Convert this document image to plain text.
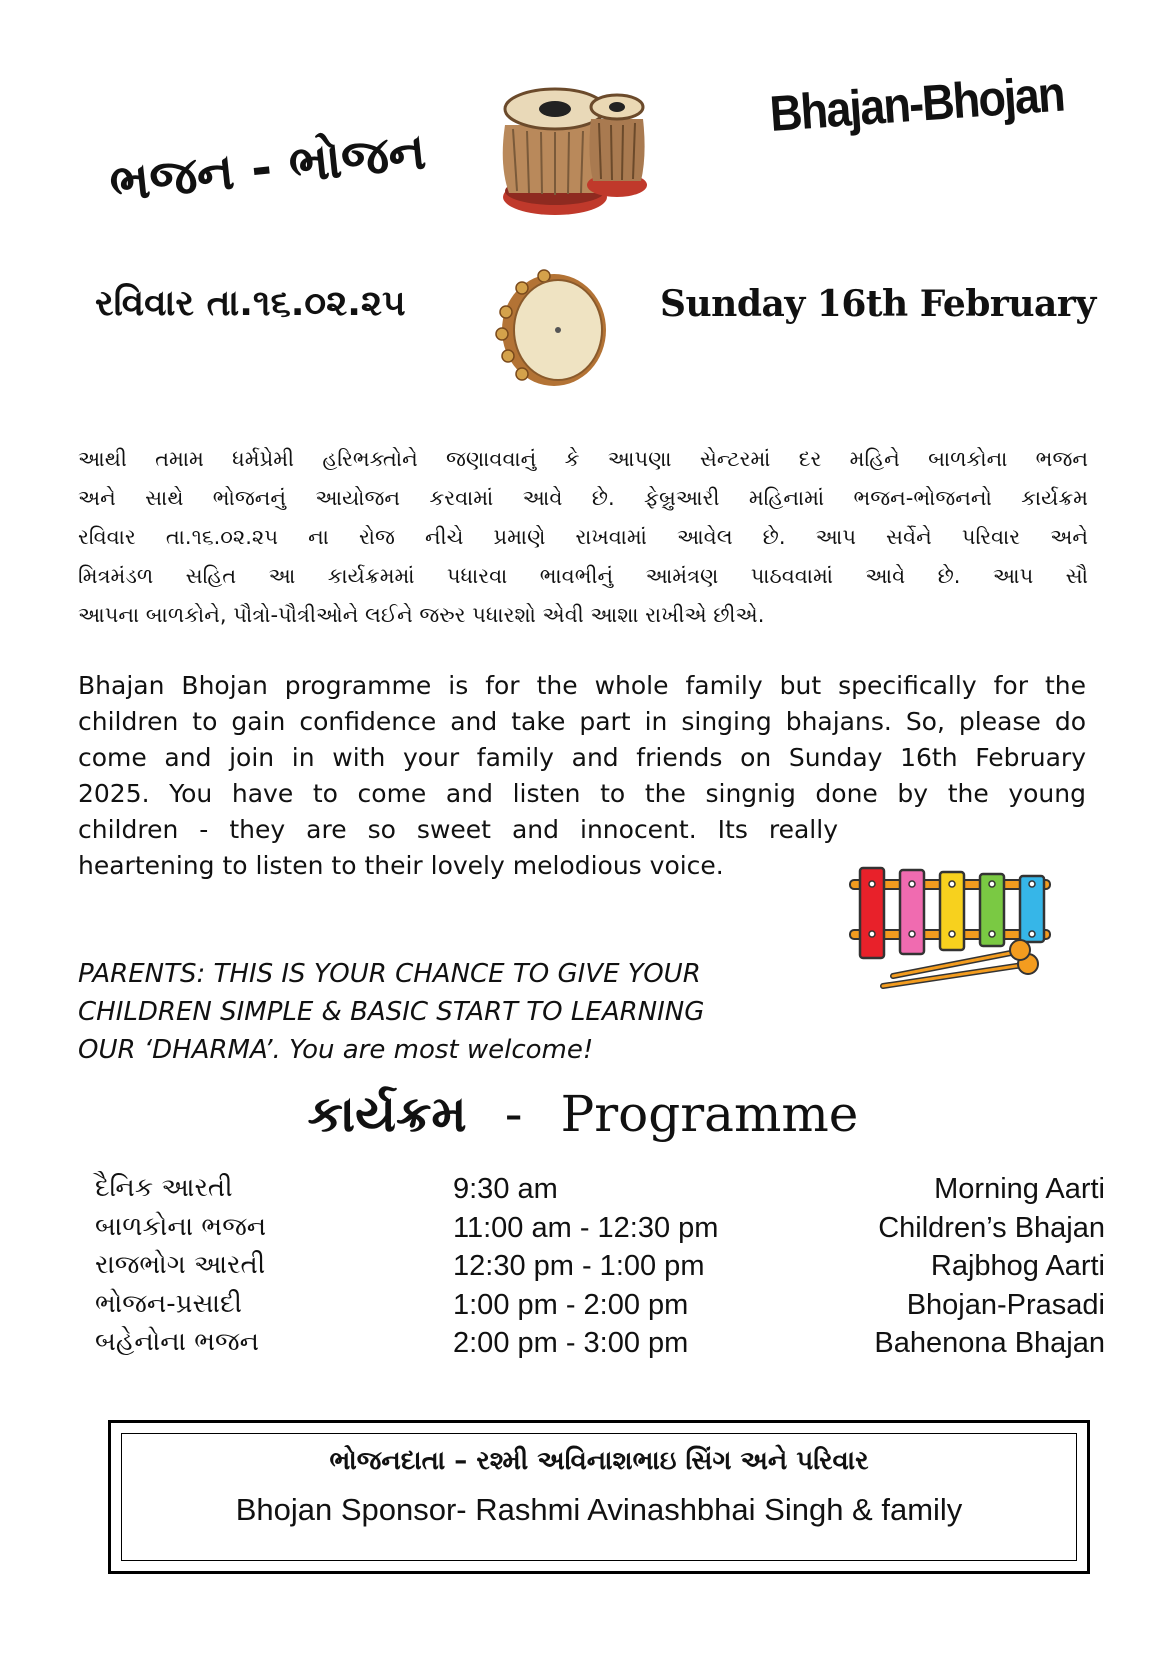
ભજન - ભોજન
Bhajan-Bhojan
રવિવાર તા.૧૬.૦૨.૨૫	Sunday 16th February
આથી તમામ ધર્મપ્રેમી હરિભક્તોને જણાવવાનું કે આપણા સેન્ટરમાં દર મહિને બાળકોના ભજન
અને સાથે ભોજનનું આયોજન કરવામાં આવે છે. ફેબ્રુઆરી મહિનામાં ભજન-ભોજનનો કાર્યક્રમ
રવિવાર તા.૧૬.૦૨.૨૫ ના રોજ નીચે પ્રમાણે રાખવામાં આવેલ છે. આપ સર્વેને પરિવાર અને
મિત્રમંડળ સહિત આ કાર્યક્રમમાં પધારવા ભાવભીનું આમંત્રણ પાઠવવામાં આવે છે. આપ સૌ
આપના બાળકોને, પૌત્રો-પૌત્રીઓને લઈને જરુર પધારશો એવી આશા રાખીએ છીએ.
Bhajan Bhojan programme is for the whole family but specifically for the
children to gain confidence and take part in singing bhajans. So, please do
come and join in with your family and friends on Sunday 16th February
2025. You have to come and listen to the singnig done by the young
children - they are so sweet and innocent. Its really
heartening to listen to their lovely melodious voice.
PARENTS: THIS IS YOUR CHANCE TO GIVE YOUR
CHILDREN SIMPLE & BASIC START TO LEARNING
OUR ‘DHARMA’. You are most welcome!
કાર્યક્રમ - Programme
દૈનિક આરતી	9:30 am	Morning Aarti
બાળકોના ભજન	11:00 am - 12:30 pm	Children’s Bhajan
રાજભોગ આરતી	12:30 pm - 1:00 pm	Rajbhog Aarti
ભોજન-પ્રસાદી	1:00 pm - 2:00 pm	Bhojan-Prasadi
બહેનોના ભજન	2:00 pm - 3:00 pm	Bahenona Bhajan
ભોજનદાતા – રશ્મી અવિનાશભાઇ સિંગ અને પરિવાર
Bhojan Sponsor- Rashmi Avinashbhai Singh & family
